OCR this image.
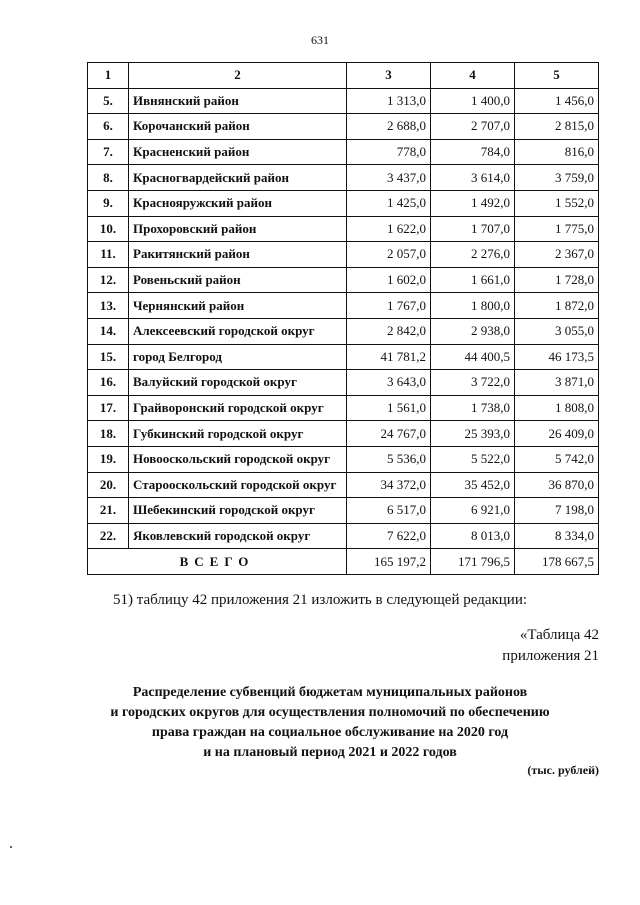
631
1	2	3	4	5
5.	Ивнянский район	1 313,0	1 400,0	1 456,0
6.	Корочанский район	2 688,0	2 707,0	2 815,0
7.	Красненский район	778,0	784,0	816,0
8.	Красногвардейский район	3 437,0	3 614,0	3 759,0
9.	Краснояружский район	1 425,0	1 492,0	1 552,0
10.	Прохоровский район	1 622,0	1 707,0	1 775,0
11.	Ракитянский район	2 057,0	2 276,0	2 367,0
12.	Ровеньский район	1 602,0	1 661,0	1 728,0
13.	Чернянский район	1 767,0	1 800,0	1 872,0
14.	Алексеевский городской округ	2 842,0	2 938,0	3 055,0
15.	город Белгород	41 781,2	44 400,5	46 173,5
16.	Валуйский городской округ	3 643,0	3 722,0	3 871,0
17.	Грайворонский городской округ	1 561,0	1 738,0	1 808,0
18.	Губкинский городской округ	24 767,0	25 393,0	26 409,0
19.	Новооскольский городской округ	5 536,0	5 522,0	5 742,0
20.	Старооскольский городской округ	34 372,0	35 452,0	36 870,0
21.	Шебекинский городской округ	6 517,0	6 921,0	7 198,0
22.	Яковлевский городской округ	7 622,0	8 013,0	8 334,0
ВСЕГО		165 197,2	171 796,5	178 667,5
51) таблицу 42 приложения 21 изложить в следующей редакции:
«Таблица 42
приложения 21
Распределение субвенций бюджетам муниципальных районов
и городских округов для осуществления полномочий по обеспечению
права граждан на социальное обслуживание на 2020 год
и на плановый период 2021 и 2022 годов
(тыс. рублей)
